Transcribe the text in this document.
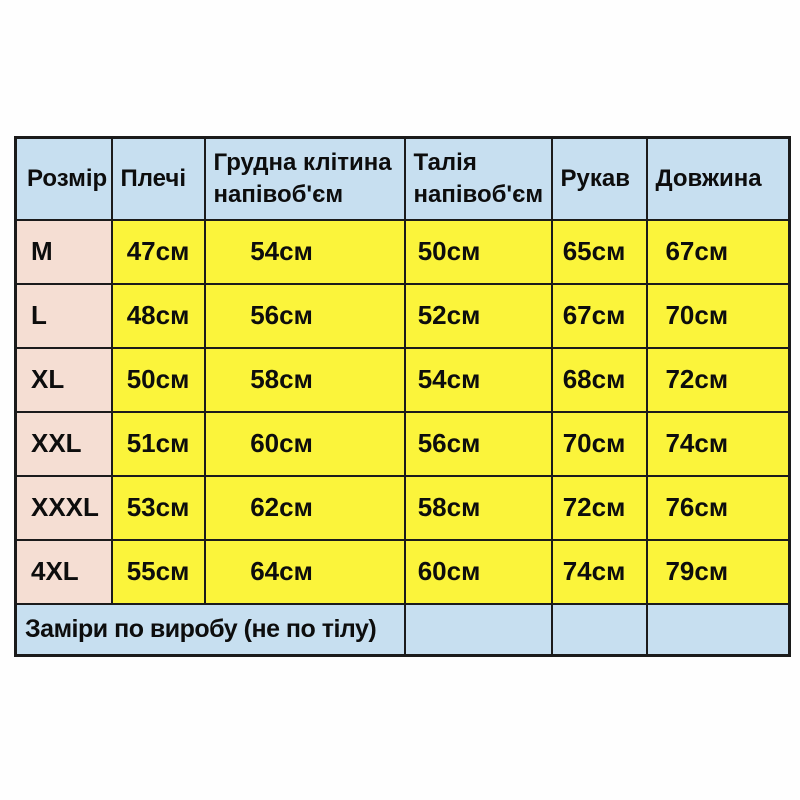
Розмір	Плечі	Грудна клітина напівоб'єм	Талія напівоб'єм	Рукав	Довжина
M	47см	54см	50см	65см	67см
L	48см	56см	52см	67см	70см
XL	50см	58см	54см	68см	72см
XXL	51см	60см	56см	70см	74см
XXXL	53см	62см	58см	72см	76см
4XL	55см	64см	60см	74см	79см
Заміри по виробу (не по тілу)					
